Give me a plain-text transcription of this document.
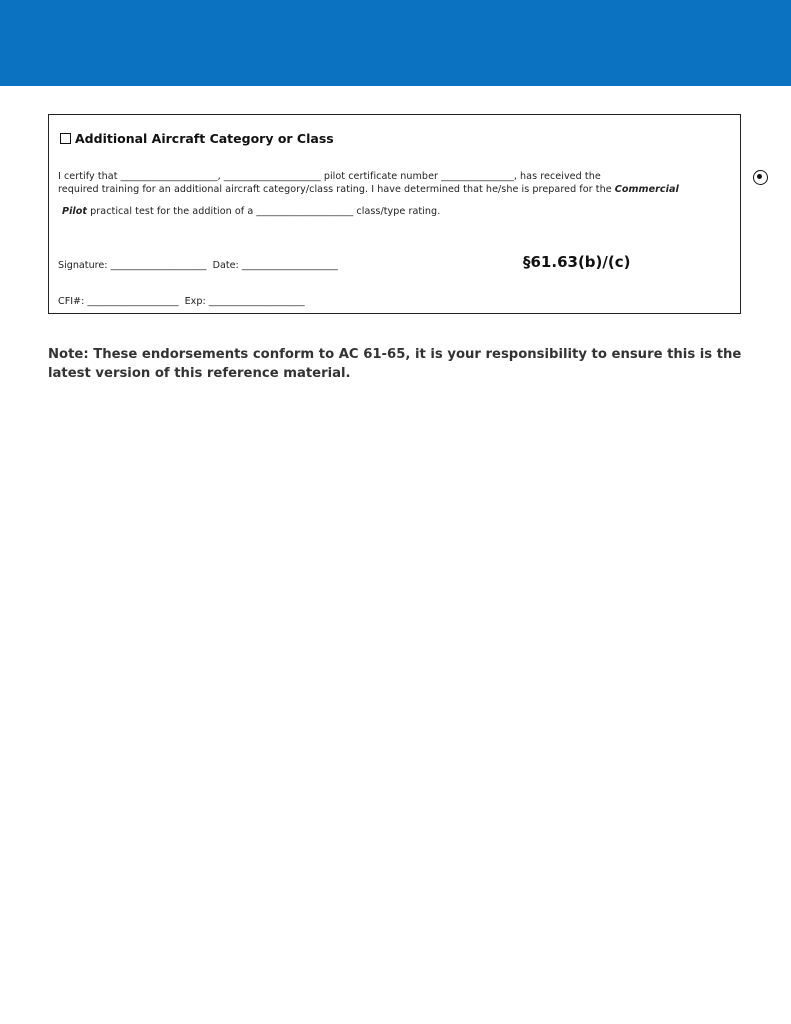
Additional Aircraft Category or Class

I certify that ____________________, ____________________ pilot certificate number _______________, has received the
required training for an additional aircraft category/class rating. I have determined that he/she is prepared for the Commercial
Pilot practical test for the addition of a ____________________ class/type rating.
Signature: ____________________ Date: ____________________	§61.63(b)/(c)
CFI#: ___________________ Exp: ____________________

Note: These endorsements conform to AC 61-65, it is your responsibility to ensure this is the latest version of this reference material.
